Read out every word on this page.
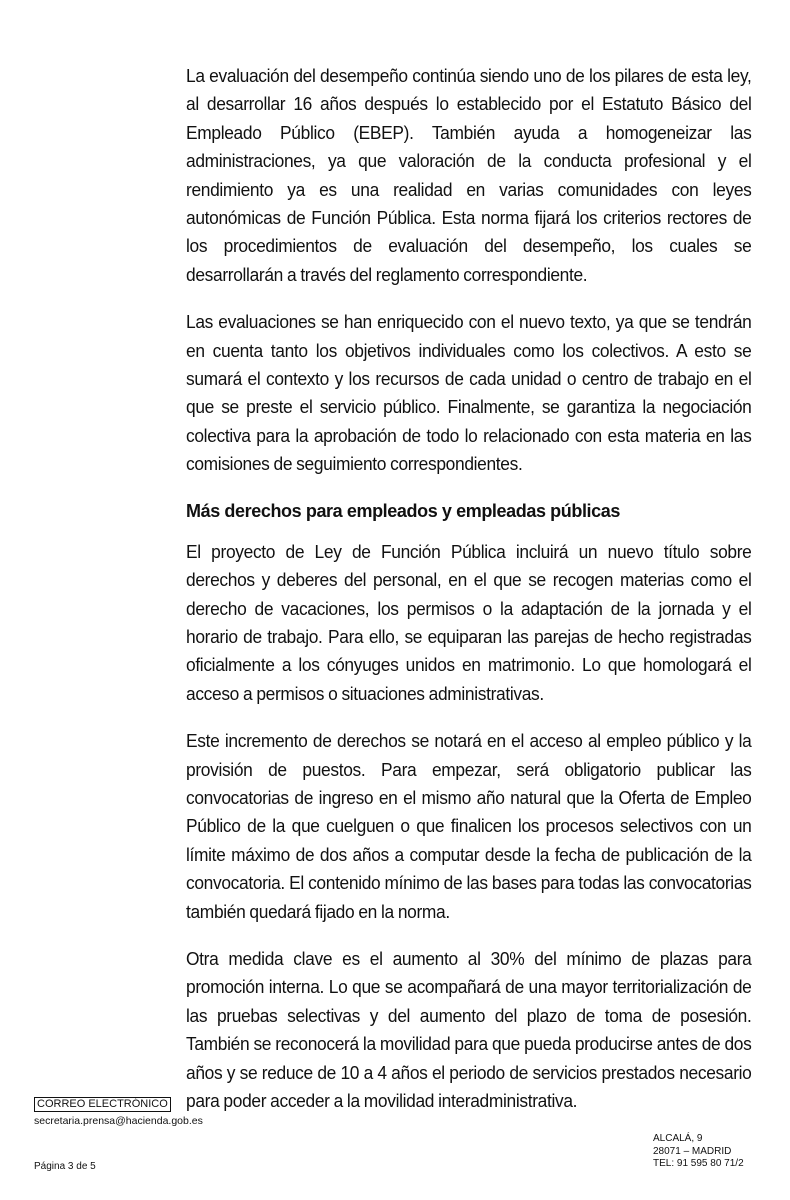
La evaluación del desempeño continúa siendo uno de los pilares de esta ley, al desarrollar 16 años después lo establecido por el Estatuto Básico del Empleado Público (EBEP). También ayuda a homogeneizar las administraciones, ya que valoración de la conducta profesional y el rendimiento ya es una realidad en varias comunidades con leyes autonómicas de Función Pública. Esta norma fijará los criterios rectores de los procedimientos de evaluación del desempeño, los cuales se desarrollarán a través del reglamento correspondiente.

Las evaluaciones se han enriquecido con el nuevo texto, ya que se tendrán en cuenta tanto los objetivos individuales como los colectivos. A esto se sumará el contexto y los recursos de cada unidad o centro de trabajo en el que se preste el servicio público. Finalmente, se garantiza la negociación colectiva para la aprobación de todo lo relacionado con esta materia en las comisiones de seguimiento correspondientes.

Más derechos para empleados y empleadas públicas

El proyecto de Ley de Función Pública incluirá un nuevo título sobre derechos y deberes del personal, en el que se recogen materias como el derecho de vacaciones, los permisos o la adaptación de la jornada y el horario de trabajo. Para ello, se equiparan las parejas de hecho registradas oficialmente a los cónyuges unidos en matrimonio. Lo que homologará el acceso a permisos o situaciones administrativas.

Este incremento de derechos se notará en el acceso al empleo público y la provisión de puestos. Para empezar, será obligatorio publicar las convocatorias de ingreso en el mismo año natural que la Oferta de Empleo Público de la que cuelguen o que finalicen los procesos selectivos con un límite máximo de dos años a computar desde la fecha de publicación de la convocatoria. El contenido mínimo de las bases para todas las convocatorias también quedará fijado en la norma.

Otra medida clave es el aumento al 30% del mínimo de plazas para promoción interna. Lo que se acompañará de una mayor territorialización de las pruebas selectivas y del aumento del plazo de toma de posesión. También se reconocerá la movilidad para que pueda producirse antes de dos años y se reduce de 10 a 4 años el periodo de servicios prestados necesario para poder acceder a la movilidad interadministrativa.

CORREO ELECTRÓNICO
secretaria.prensa@hacienda.gob.es
Página 3 de 5
ALCALÁ, 9
28071 – MADRID
TEL: 91 595 80 71/2
